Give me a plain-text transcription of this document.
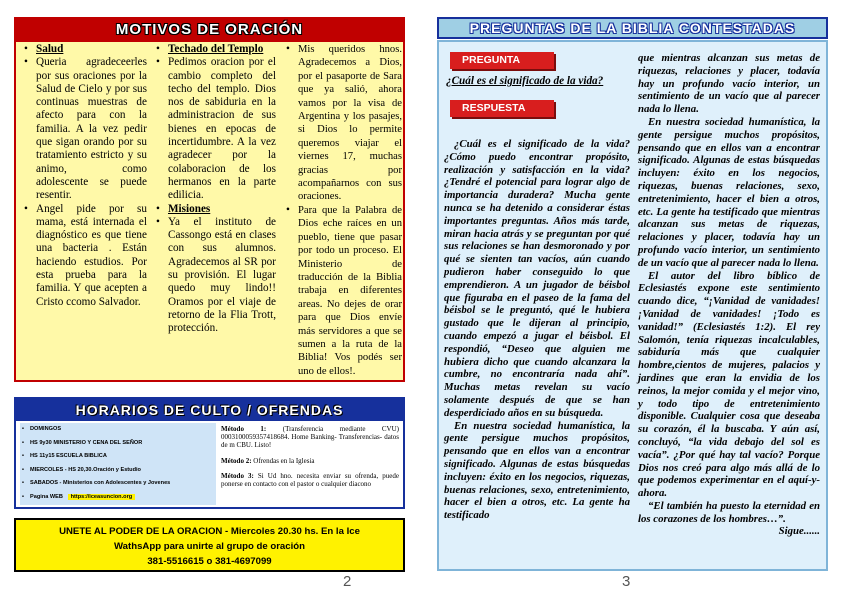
MOTIVOS DE ORACIÓN

• Salud

• Queria agradeceerles por sus oraciones por la Salud de Cielo y por sus continuas muestras de afecto para con la familia. A la vez pedir que sigan orando por su tratamiento estricto y su animo, como adolescente se puede resentir.

• Angel pide por su mama, está internada el diagnóstico es que tiene una bacteria . Están haciendo estudios. Por esta prueba para la familia. Y que acepten a Cristo ccomo Salvador.

• Techado del Templo

• Pedimos oracion por el cambio completo del techo del templo. Dios nos de sabiduria en la administracion de sus bienes en epocas de incertidumbre. A la vez agradecer por la colaboracion de los hermanos en la parte edilicia.

• Misiones

• Ya el instituto de Cassongo está en clases con sus alumnos. Agradecemos al SR por su provisión. El lugar quedo muy lindo!! Oramos por el viaje de retorno de la Flia Trott, protección.

• Mis queridos hnos. Agradecemos a Dios, por el pasaporte de Sara que ya salió, ahora vamos por la visa de Argentina y los pasajes, si Dios lo permite queremos viajar el viernes 17, muchas gracias por acompañarnos con sus oraciones.

• Para que la Palabra de Dios eche raíces en un pueblo, tiene que pasar por todo un proceso. El Ministerio de traducción de la Biblia trabaja en diferentes areas. No dejes de orar para que Dios envíe más servidores a que se sumen a la ruta de la Biblia! Vos podés ser uno de ellos!.

HORARIOS DE CULTO / OFRENDAS
• DOMINGOS
• HS 9y30 MINISTERIO Y CENA DEL SEÑOR
• HS 11y15 ESCUELA BIBLICA
• MIERCOLES - HS 20,30.Oración y Estudio
• SABADOS - Ministerios con Adolescentes y Jovenes
• Pagina WEB https://iceasuncion.org

Método 1: (Transferencia mediante CVU) 0003100059357418684. Home Banking- Transferencias- datos de m CBU. Listo!

Método 2: Ofrendas en la Iglesia

Método 3: Si Ud hno. necesita enviar su ofrenda, puede ponerse en contacto con el pastor o cualquier diacono

UNETE AL PODER DE LA ORACION - Miercoles 20.30 hs. En la Ice
WathsApp para unirte al grupo de oración
381-5516615 o 381-4697099
2
PREGUNTAS DE LA BIBLIA CONTESTADAS
PREGUNTA
¿Cuál es el significado de la vida?
RESPUESTA

¿Cuál es el significado de la vida? ¿Cómo puedo encontrar propósito, realización y satisfacción en la vida? ¿Tendré el potencial para lograr algo de importancia duradera? Mucha gente nunca se ha detenido a considerar éstas importantes preguntas. Años más tarde, miran hacia atrás y se preguntan por qué sus relaciones se han desmoronado y por qué se sienten tan vacíos, aún cuando pudieron haber conseguido lo que emprendieron. A un jugador de béisbol que figuraba en el paseo de la fama del béisbol se le preguntó, qué le hubiera gustado que le dijeran al principio, cuando empezó a jugar el béisbol. El respondió, “Deseo que alguien me hubiera dicho que cuando alcanzara la cumbre, no encontraría nada ahí”. Muchas metas revelan su vacío solamente después de que se han desperdiciado años en su búsqueda.

En nuestra sociedad humanística, la gente persigue muchos propósitos, pensando que en ellos van a encontrar significado. Algunas de estas búsquedas incluyen: éxito en los negocios, riquezas, buenas relaciones, sexo, entretenimiento, hacer el bien a otros, etc. La gente ha testificado

que mientras alcanzan sus metas de riquezas, relaciones y placer, todavía hay un profundo vacío interior, un sentimiento de un vacío que al parecer nada lo llena.

En nuestra sociedad humanística, la gente persigue muchos propósitos, pensando que en ellos van a encontrar significado. Algunas de estas búsquedas incluyen: éxito en los negocios, riquezas, buenas relaciones, sexo, entretenimiento, hacer el bien a otros, etc. La gente ha testificado que mientras alcanzan sus metas de riquezas, relaciones y placer, todavía hay un profundo vacío interior, un sentimiento de un vacío que al parecer nada lo llena.

El autor del libro bíblico de Eclesiastés expone este sentimiento cuando dice, “¡Vanidad de vanidades! ¡Vanidad de vanidades! ¡Todo es vanidad!” (Eclesiastés 1:2). El rey Salomón, tenía riquezas incalculables, sabiduría más que cualquier hombre,cientos de mujeres, palacios y jardines que eran la envidia de los reinos, la mejor comida y el mejor vino, y todo tipo de entretenimiento disponible. Cualquier cosa que deseaba su corazón, él la buscaba. Y aún así, concluyó, “la vida debajo del sol es vacía”. ¿Por qué hay tal vacío? Porque Dios nos creó para algo más allá de lo que podemos experimentar en el aquí-y-ahora.

“El también ha puesto la eternidad en los corazones de los hombres…”.

Sigue......

3
